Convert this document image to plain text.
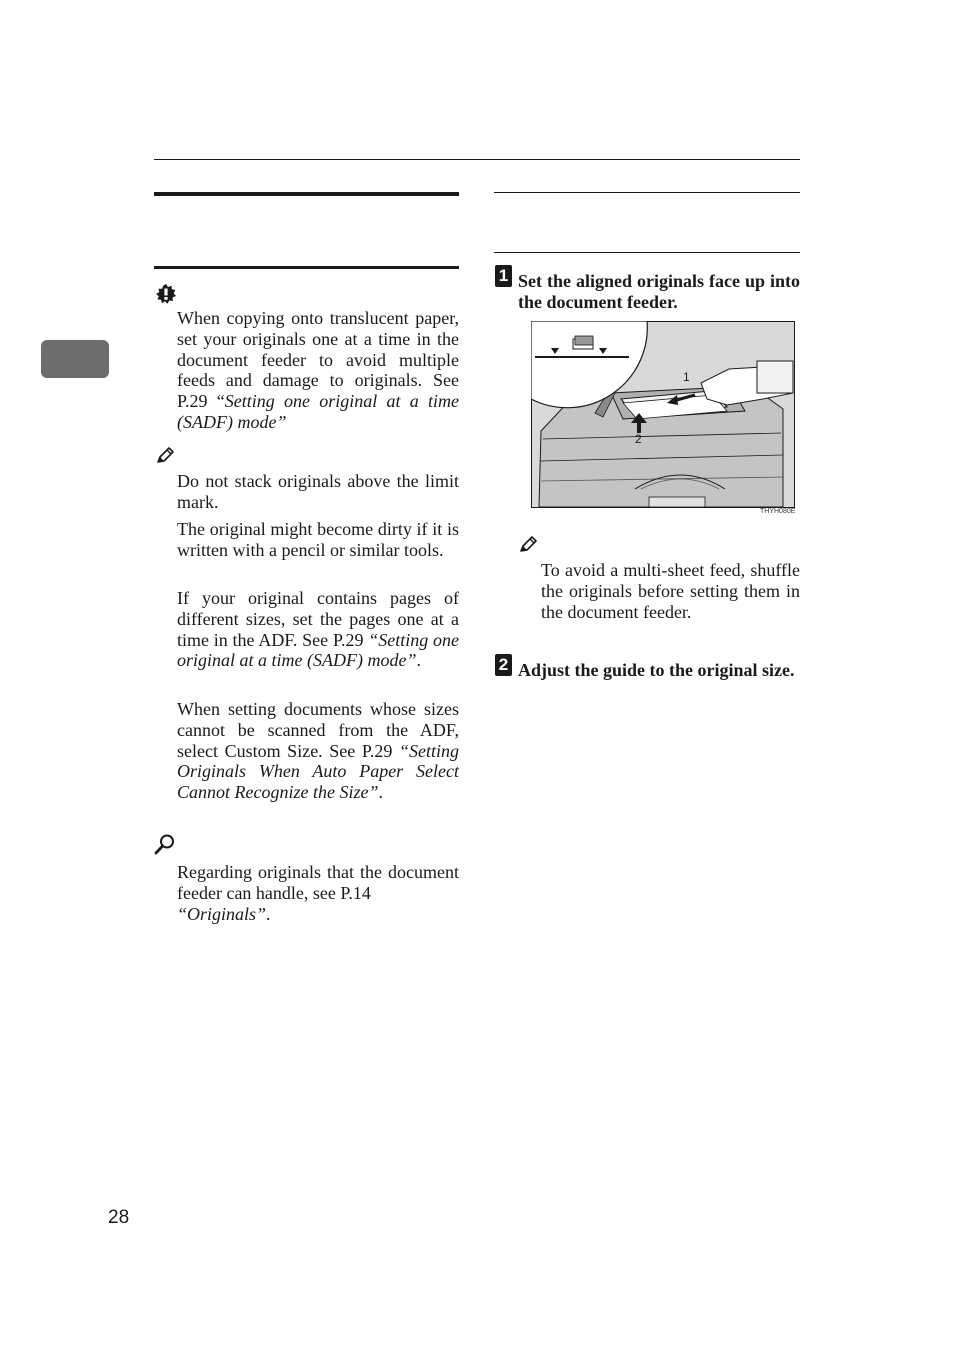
When copying onto translucent paper, set your originals one at a time in the document feeder to avoid multiple feeds and damage to originals. See P.29 “Setting one original at a time (SADF) mode”

Do not stack originals above the limit mark.

The original might become dirty if it is written with a pencil or similar tools.

If your original contains pages of different sizes, set the pages one at a time in the ADF. See P.29 “Setting one original at a time (SADF) mode”.

When setting documents whose sizes cannot be scanned from the ADF, select Custom Size. See P.29 “Setting Originals When Auto Paper Select Cannot Recognize the Size”.

Regarding originals that the document feeder can handle, see P.14
“Originals”.

1 Set the aligned originals face up into the document feeder.

1
2
THYH080E

To avoid a multi-sheet feed, shuffle the originals before setting them in the document feeder.

2 Adjust the guide to the original size.

28
